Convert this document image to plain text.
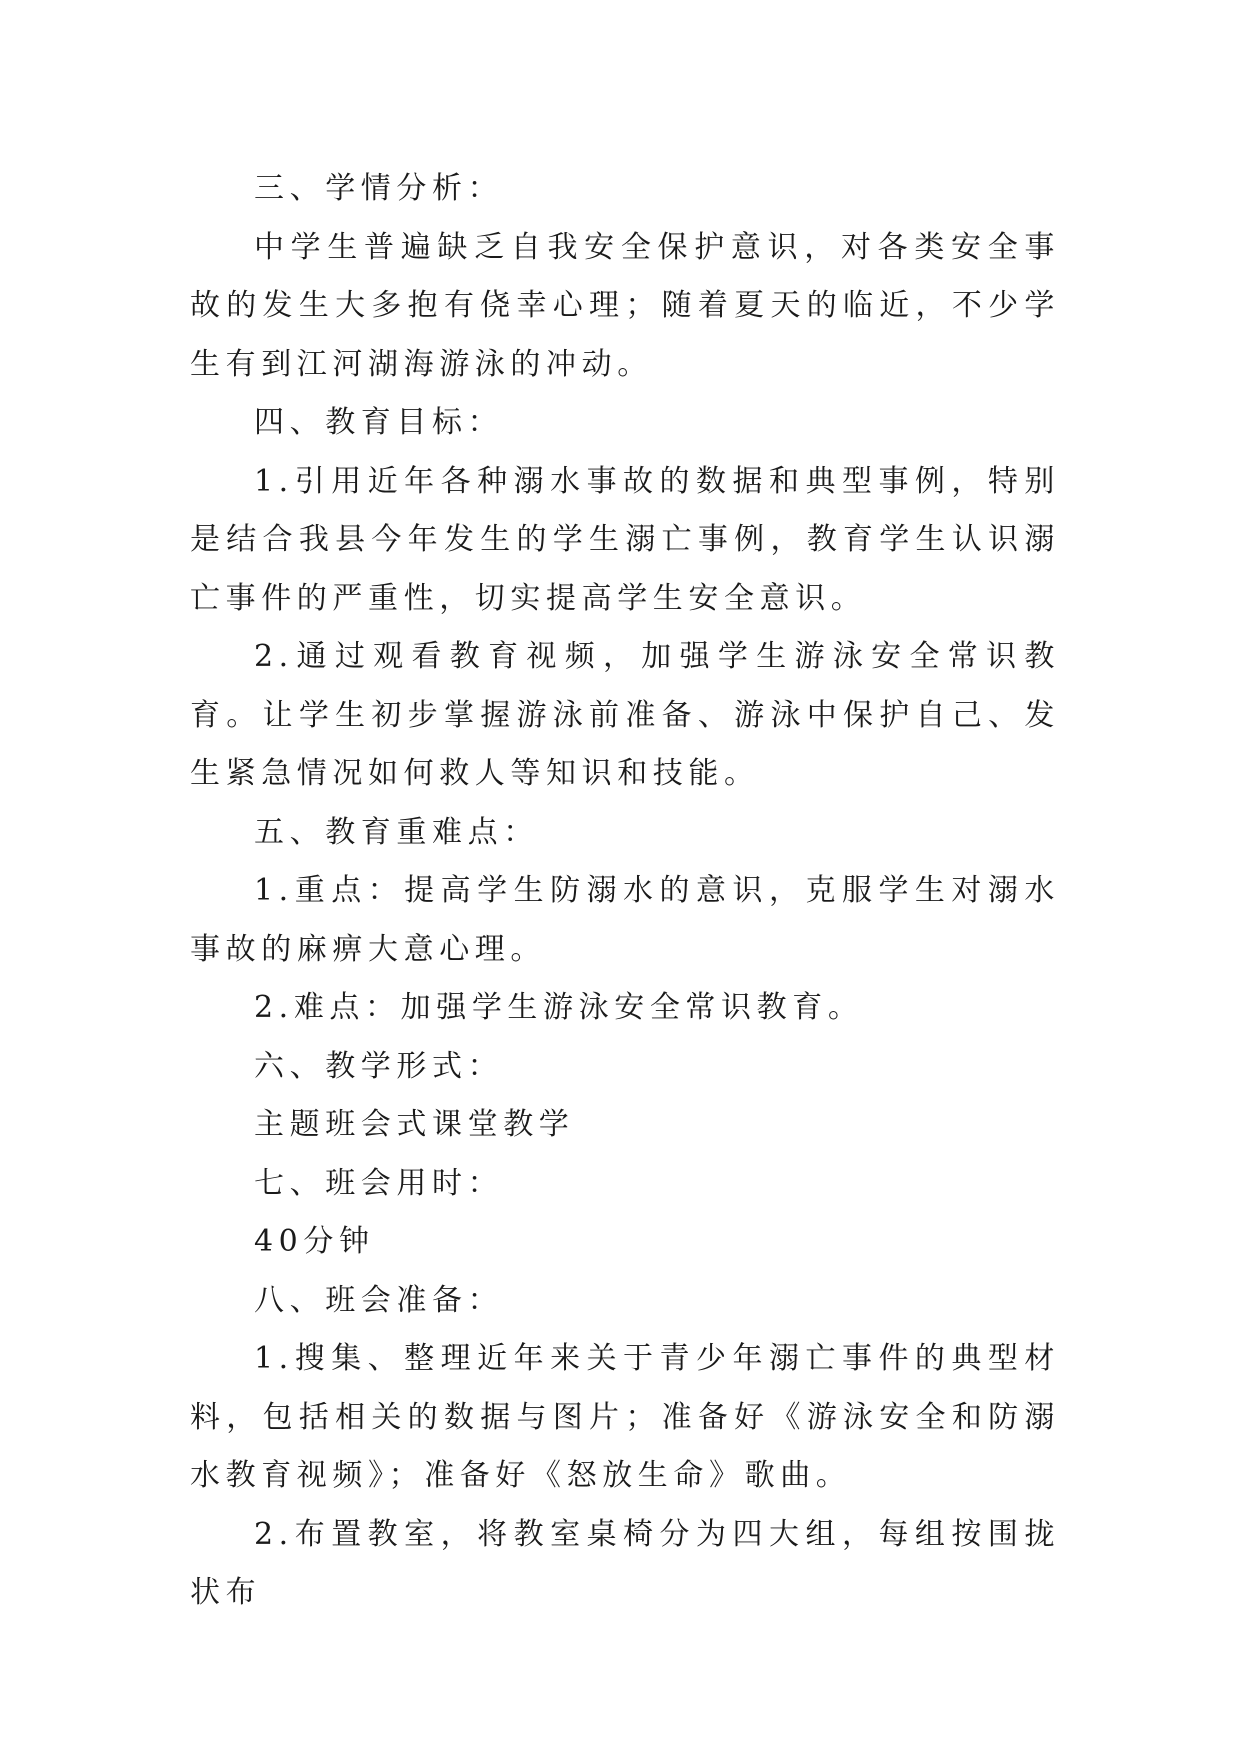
三、学情分析：

中学生普遍缺乏自我安全保护意识，对各类安全事故的发生大多抱有侥幸心理；随着夏天的临近，不少学生有到江河湖海游泳的冲动。

四、教育目标：

1.引用近年各种溺水事故的数据和典型事例，特别是结合我县今年发生的学生溺亡事例，教育学生认识溺亡事件的严重性，切实提高学生安全意识。

2.通过观看教育视频，加强学生游泳安全常识教育。让学生初步掌握游泳前准备、游泳中保护自己、发生紧急情况如何救人等知识和技能。

五、教育重难点：

1.重点：提高学生防溺水的意识，克服学生对溺水事故的麻痹大意心理。

2.难点：加强学生游泳安全常识教育。

六、教学形式：

主题班会式课堂教学

七、班会用时：

40分钟

八、班会准备：

1.搜集、整理近年来关于青少年溺亡事件的典型材料，包括相关的数据与图片；准备好《游泳安全和防溺水教育视频》；准备好《怒放生命》歌曲。

2.布置教室，将教室桌椅分为四大组，每组按围拢状布
